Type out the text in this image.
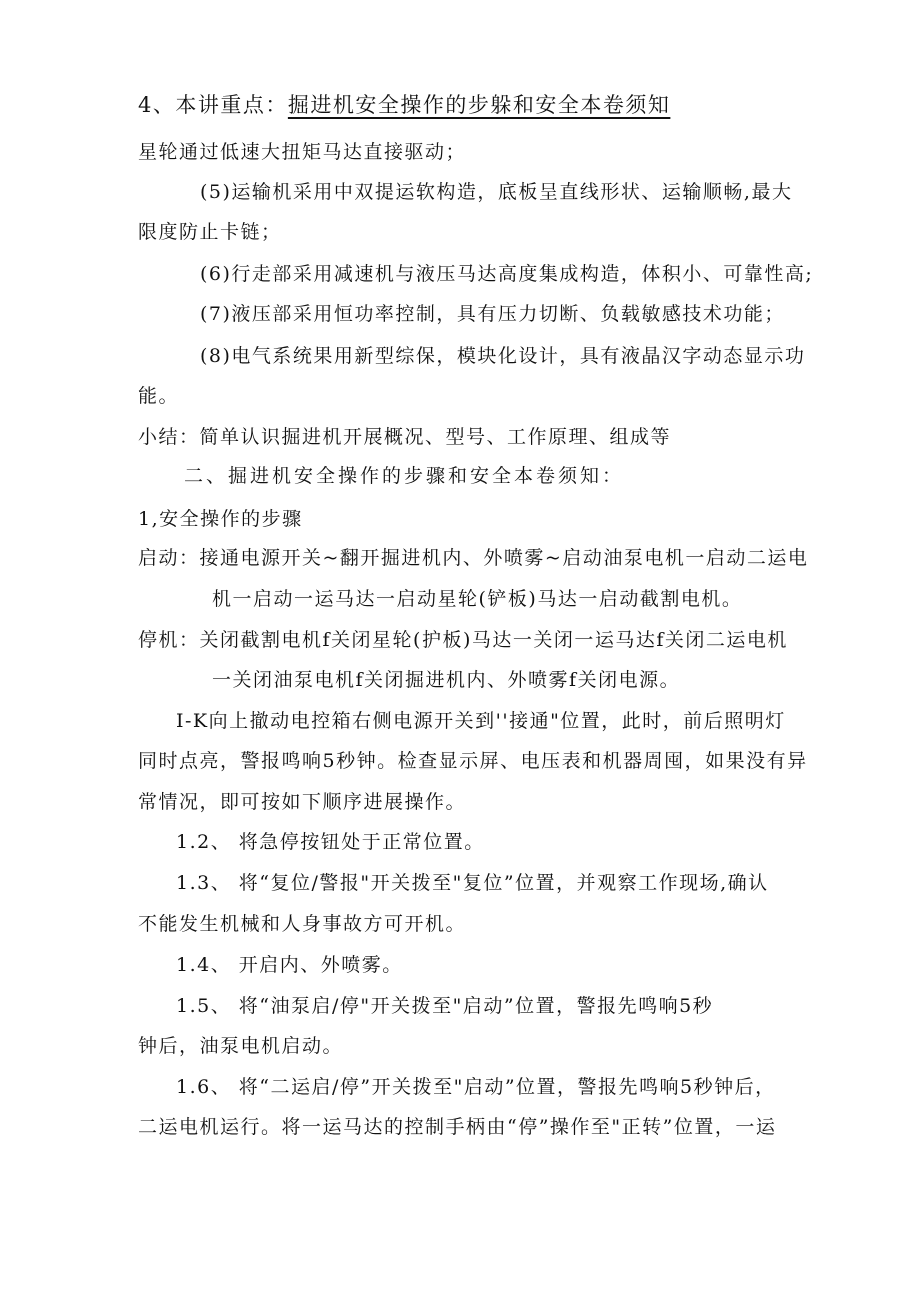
4、本讲重点：掘进机安全操作的步躲和安全本卷须知
星轮通过低速大扭矩马达直接驱动；
(5)运输机采用中双提运软构造，底板呈直线形状、运输顺畅,最大
限度防止卡链；
(6)行走部采用减速机与液压马达高度集成构造，体积小、可靠性高;
(7)液压部采用恒功率控制，具有压力切断、负载敏感技术功能；
(8)电气系统果用新型综保，模块化设计，具有液晶汉字动态显示功
能。
小结：简单认识掘进机开展概况、型号、工作原理、组成等
二、掘进机安全操作的步骤和安全本卷须知：
1,安全操作的步骤
启动：接通电源开关~翻开掘进机内、外喷雾~启动油泵电机一启动二运电
机一启动一运马达一启动星轮(铲板)马达一启动截割电机。
停机：关闭截割电机f关闭星轮(护板)马达一关闭一运马达f关闭二运电机
一关闭油泵电机f关闭掘进机内、外喷雾f关闭电源。
I-K向上撤动电控箱右侧电源开关到''接通"位置，此时，前后照明灯
同时点亮，警报鸣响5秒钟。检查显示屏、电压表和机器周囤，如果没有异
常情况，即可按如下顺序进展操作。
1.2、 将急停按钮处于正常位置。
1.3、 将“复位/警报"开关拨至"复位”位置，并观察工作现场,确认
不能发生机械和人身事故方可开机。
1.4、 开启内、外喷雾。
1.5、 将“油泵启/停"开关拨至"启动”位置，警报先鸣响5秒
钟后，油泵电机启动。
1.6、 将“二运启/停”开关拨至"启动”位置，警报先鸣响5秒钟后，
二运电机运行。将一运马达的控制手柄由“停”操作至"正转”位置，一运
